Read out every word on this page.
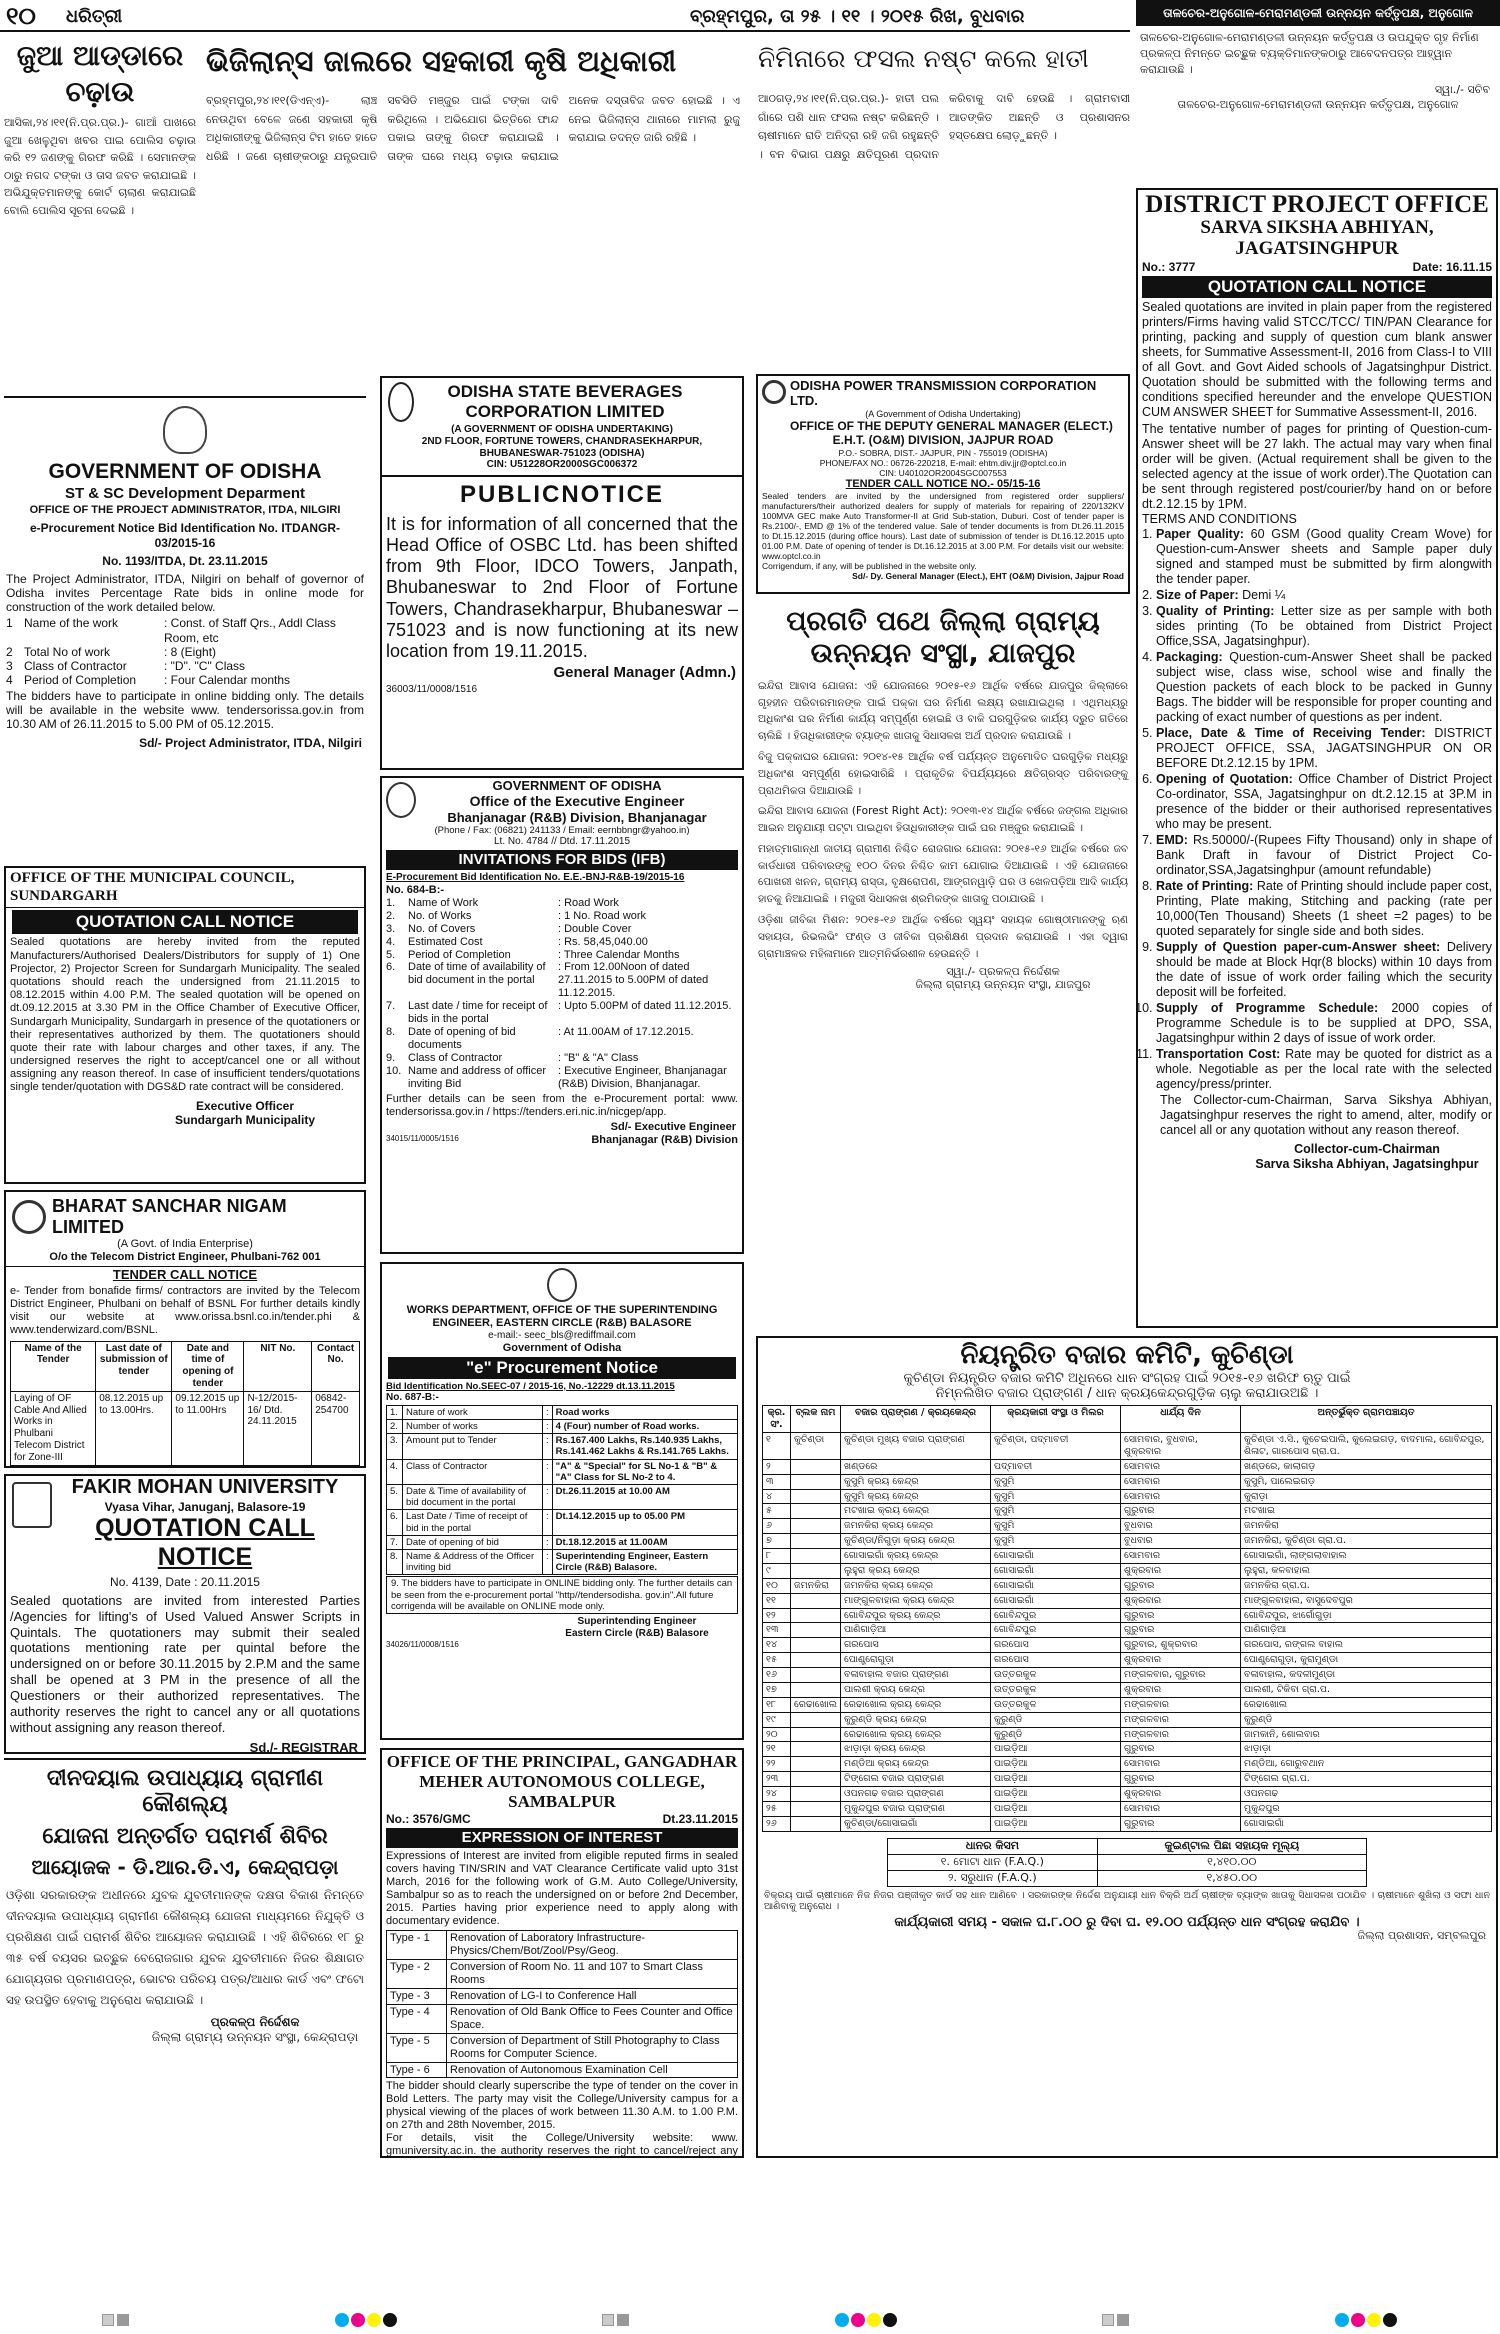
୧୦ ଧରିତ୍ରୀ	ବ୍ରହ୍ମପୁର, ତା ୨୫ । ୧୧ । ୨୦୧୫ ରିଖ, ବୁଧବାର	ତାଳଚେର-ଅନୁଗୋଳ-ମେରାମଣ୍ଡଳୀ ଉନ୍ନୟନ କର୍ତ୍ତୃପକ୍ଷ, ଅନୁଗୋଳ
ତାଳଚେର-ଅନୁଗୋଳ-ମେରାମଣ୍ଡଳୀ ଉନ୍ନୟନ କର୍ତ୍ତୃପକ୍ଷ ଓ ଉପଯୁକ୍ତ ଗୃହ ନିର୍ମାଣ ପ୍ରକଳ୍ପ ନିମନ୍ତେ ଇଚ୍ଛୁକ ବ୍ୟକ୍ତିମାନଙ୍କଠାରୁ ଆବେଦନପତ୍ର ଆହ୍ୱାନ କରାଯାଉଛି ।
ସ୍ୱା./- ସଚିବ
ତାଳଚେର-ଅନୁଗୋଳ-ମେରାମଣ୍ଡଳୀ ଉନ୍ନୟନ କର୍ତ୍ତୃପକ୍ଷ, ଅନୁଗୋଳ
ଜୁଆ ଆଡ୍ଡାରେ ଚଢ଼ାଉ
ଆସିକା,୨୪।୧୧(ନି.ପ୍ର.ପ୍ର.)- ଗାଆଁ ପାଖରେ ଜୁଆ ଖେଳୁଥିବା ଖବର ପାଇ ପୋଲିସ ଚଢ଼ାଉ କରି ୧୨ ଜଣଙ୍କୁ ଗିରଫ କରିଛି । ସେମାନଙ୍କ ଠାରୁ ନଗଦ ଟଙ୍କା ଓ ତାସ ଜବତ କରାଯାଇଛି । ଅଭିଯୁକ୍ତମାନଙ୍କୁ କୋର୍ଟ ଚାଲାଣ କରାଯାଇଛି ବୋଲି ପୋଲିସ ସୂଚନା ଦେଇଛି ।
ଭିଜିଲାନ୍ସ ଜାଲରେ ସହକାରୀ କୃଷି ଅଧିକାରୀ
ବ୍ରହ୍ମପୁର,୨୪।୧୧(ଡିଏନ୍‌ଏ)- ଲାଞ୍ଚ ନେଉଥିବା ବେଳେ ଜଣେ ସହକାରୀ କୃଷି ଅଧିକାରୀଙ୍କୁ ଭିଜିଲାନ୍ସ ଟିମ ହାତେ ହାତେ ଧରିଛି । ଜଣେ ଚାଷୀଙ୍କଠାରୁ ଯନ୍ତ୍ରପାତି ସବସିଡି ମଞ୍ଜୁର ପାଇଁ ଟଙ୍କା ଦାବି କରିଥିଲେ । ଅଭିଯୋଗ ଭିତ୍ତିରେ ଫାନ୍ଦ ପକାଇ ତାଙ୍କୁ ଗିରଫ କରାଯାଇଛି । ତାଙ୍କ ଘରେ ମଧ୍ୟ ଚଢ଼ାଉ କରାଯାଇ ଅନେକ ଦସ୍ତାବିଜ ଜବତ ହୋଇଛି । ଏ ନେଇ ଭିଜିଲାନ୍ସ ଥାନାରେ ମାମଲା ରୁଜୁ କରାଯାଇ ତଦନ୍ତ ଜାରି ରହିଛି ।
ନିମିନାରେ ଫସଲ ନଷ୍ଟ କଲେ ହାତୀ
ଆଠଗଡ଼,୨୪।୧୧(ନି.ପ୍ର.ପ୍ର.)- ହାତୀ ପଲ ଗାଁରେ ପଶି ଧାନ ଫସଲ ନଷ୍ଟ କରିଛନ୍ତି । ଚାଷୀମାନେ ରାତି ଅନିଦ୍ରା ରହି ଜଗି ରହୁଛନ୍ତି । ବନ ବିଭାଗ ପକ୍ଷରୁ କ୍ଷତିପୂରଣ ପ୍ରଦାନ କରିବାକୁ ଦାବି ହେଉଛି । ଗ୍ରାମବାସୀ ଆତଙ୍କିତ ଅଛନ୍ତି ଓ ପ୍ରଶାସନର ହସ୍ତକ୍ଷେପ ଲୋଡ଼ୁଛନ୍ତି ।
GOVERNMENT OF ODISHA
ST & SC Development Deparment
OFFICE OF THE PROJECT ADMINISTRATOR, ITDA, NILGIRI
e-Procurement Notice Bid Identification No. ITDANGR-03/2015-16
No. 1193/ITDA, Dt. 23.11.2015
The Project Administrator, ITDA, Nilgiri on behalf of governor of Odisha invites Percentage Rate bids in online mode for construction of the work detailed below.
1 Name of the work	: Const. of Staff Qrs., Addl Class Room, etc
2 Total No of work	: 8 (Eight)
3 Class of Contractor	: "D". "C" Class
4 Period of Completion	: Four Calendar months
The bidders have to participate in online bidding only. The details will be available in the website www. tendersorissa.gov.in from 10.30 AM of 26.11.2015 to 5.00 PM of 05.12.2015.
Sd/- Project Administrator, ITDA, Nilgiri
OFFICE OF THE MUNICIPAL COUNCIL, SUNDARGARH
QUOTATION CALL NOTICE
Sealed quotations are hereby invited from the reputed Manufacturers/Authorised Dealers/Distributors for supply of 1) One Projector, 2) Projector Screen for Sundargarh Municipality. The sealed quotations should reach the undersigned from 21.11.2015 to 08.12.2015 within 4.00 P.M. The sealed quotation will be opened on dt.09.12.2015 at 3.30 PM in the Office Chamber of Executive Officer, Sundargarh Municipality, Sundargarh in presence of the quotationers or their representatives authorized by them. The quotationers should quote their rate with labour charges and other taxes, if any. The undersigned reserves the right to accept/cancel one or all without assigning any reason thereof. In case of insufficient tenders/quotations single tender/quotation with DGS&D rate contract will be considered.
Executive Officer
Sundargarh Municipality
BHARAT SANCHAR NIGAM LIMITED
(A Govt. of India Enterprise)
O/o the Telecom District Engineer, Phulbani-762 001
TENDER CALL NOTICE
e- Tender from bonafide firms/ contractors are invited by the Telecom District Engineer, Phulbani on behalf of BSNL For further details kindly visit our website at www.orissa.bsnl.co.in/tender.phi & www.tenderwizard.com/BSNL.
Name of the Tender	Last date of submission of tender	Date and time of opening of tender	NIT No.	Contact No.
Laying of OF Cable And Allied Works in Phulbani Telecom District for Zone-III	08.12.2015 up to 13.00Hrs.	09.12.2015 up to 11.00Hrs	N-12/2015-16/ Dtd. 24.11.2015	06842-254700
FAKIR MOHAN UNIVERSITY
Vyasa Vihar, Januganj, Balasore-19
QUOTATION CALL NOTICE
No. 4139, Date : 20.11.2015
Sealed quotations are invited from interested Parties /Agencies for lifting's of Used Valued Answer Scripts in Quintals. The quotationers may submit their sealed quotations mentioning rate per quintal before the undersigned on or before 30.11.2015 by 2.P.M and the same shall be opened at 3 PM in the presence of all the Questioners or their authorized representatives. The authority reserves the right to cancel any or all quotations without assigning any reason thereof.
Sd./- REGISTRAR
ଦୀନଦୟାଲ ଉପାଧ୍ୟାୟ ଗ୍ରାମୀଣ କୌଶଲ୍ୟ
ଯୋଜନା ଅନ୍ତର୍ଗତ ପରାମର୍ଶ ଶିବିର
ଆୟୋଜକ - ଡି.ଆର.ଡି.ଏ, କେନ୍ଦ୍ରାପଡ଼ା
ଓଡ଼ିଶା ସରକାରଙ୍କ ଅଧୀନରେ ଯୁବକ ଯୁବତୀମାନଙ୍କ ଦକ୍ଷତା ବିକାଶ ନିମନ୍ତେ ଦୀନଦୟାଲ ଉପାଧ୍ୟାୟ ଗ୍ରାମୀଣ କୌଶଲ୍ୟ ଯୋଜନା ମାଧ୍ୟମରେ ନିଯୁକ୍ତି ଓ ପ୍ରଶିକ୍ଷଣ ପାଇଁ ପରାମର୍ଶ ଶିବିର ଆୟୋଜନ କରାଯାଉଛି । ଏହି ଶିବିରରେ ୧୮ ରୁ ୩୫ ବର୍ଷ ବୟସର ଇଚ୍ଛୁକ ବେରୋଜଗାର ଯୁବକ ଯୁବତୀମାନେ ନିଜର ଶିକ୍ଷାଗତ ଯୋଗ୍ୟତାର ପ୍ରମାଣପତ୍ର, ଭୋଟର ପରିଚୟ ପତ୍ର/ଆଧାର କାର୍ଡ ଏବଂ ଫଟୋ ସହ ଉପସ୍ଥିତ ହେବାକୁ ଅନୁରୋଧ କରାଯାଉଛି ।
ପ୍ରକଳ୍ପ ନିର୍ଦ୍ଦେଶକ
ଜିଲ୍ଲା ଗ୍ରାମ୍ୟ ଉନ୍ନୟନ ସଂସ୍ଥା, କେନ୍ଦ୍ରାପଡ଼ା
ODISHA STATE BEVERAGES CORPORATION LIMITED
(A GOVERNMENT OF ODISHA UNDERTAKING)
2ND FLOOR, FORTUNE TOWERS, CHANDRASEKHARPUR,
BHUBANESWAR-751023 (ODISHA)
CIN: U51228OR2000SGC006372
PUBLICNOTICE
It is for information of all concerned that the Head Office of OSBC Ltd. has been shifted from 9th Floor, IDCO Towers, Janpath, Bhubaneswar to 2nd Floor of Fortune Towers, Chandrasekharpur, Bhubaneswar – 751023 and is now functioning at its new location from 19.11.2015.
General Manager (Admn.)
36003/11/0008/1516
GOVERNMENT OF ODISHA
Office of the Executive Engineer
Bhanjanagar (R&B) Division, Bhanjanagar
(Phone / Fax: (06821) 241133 / Email: eernbbngr@yahoo.in)
Lt. No. 4784 // Dtd. 17.11.2015
INVITATIONS FOR BIDS (IFB)
E-Procurement Bid Identification No. E.E.-BNJ-R&B-19/2015-16
No. 684-B:-
1.	Name of Work	: Road Work
2.	No. of Works	: 1 No. Road work
3.	No. of Covers	: Double Cover
4.	Estimated Cost	: Rs. 58,45,040.00
5.	Period of Completion	: Three Calendar Months
6.	Date of time of availability of bid document in the portal
: From 12.00Noon of dated 27.11.2015 to 5.00PM of dated 11.12.2015.
7.	Last date / time for receipt of bids in the portal
: Upto 5.00PM of dated 11.12.2015.
8.	Date of opening of bid documents
: At 11.00AM of 17.12.2015.
9.	Class of Contractor	: "B" & "A" Class
10. Name and address of officer inviting Bid
: Executive Engineer, Bhanjanagar (R&B) Division, Bhanjanagar.
Further details can be seen from the e-Procurement portal: www. tendersorissa.gov.in / https://tenders.eri.nic.in/nicgep/app.
Sd/- Executive Engineer
34015/11/0005/1516	Bhanjanagar (R&B) Division
WORKS DEPARTMENT, OFFICE OF THE SUPERINTENDING ENGINEER, EASTERN CIRCLE (R&B) BALASORE
e-mail:- seec_bls@rediffmail.com
Government of Odisha
"e" Procurement Notice
Bid Identification No.SEEC-07 / 2015-16, No.-12229 dt.13.11.2015
No. 687-B:-
1.	Nature of work	:	Road works
2.	Number of works	:	4 (Four) number of Road works.
3.	Amount put to Tender	:	Rs.167.400 Lakhs, Rs.140.935 Lakhs, Rs.141.462 Lakhs & Rs.141.765 Lakhs.
4.	Class of Contractor	:	"A" & "Special" for SL No-1 & "B" & "A" Class for SL No-2 to 4.
5.	Date & Time of availability of bid document in the portal	:	Dt.26.11.2015 at 10.00 AM
6.	Last Date / Time of receipt of bid in the portal	:	Dt.14.12.2015 up to 05.00 PM
7.	Date of opening of bid	:	Dt.18.12.2015 at 11.00AM
8.	Name & Address of the Officer inviting bid	:	Superintending Engineer, Eastern Circle (R&B) Balasore.
9. The bidders have to participate in ONLINE bidding only. The further details can be seen from the e-procurement portal "http//tendersodisha. gov.in".All future corrigenda will be available on ONLINE mode only.
Superintending Engineer
Eastern Circle (R&B) Balasore
34026/11/0008/1516
OFFICE OF THE PRINCIPAL, GANGADHAR
MEHER AUTONOMOUS COLLEGE, SAMBALPUR
No.: 3576/GMC	Dt.23.11.2015
EXPRESSION OF INTEREST
Expressions of Interest are invited from eligible reputed firms in sealed covers having TIN/SRIN and VAT Clearance Certificate valid upto 31st March, 2016 for the following work of G.M. Auto College/University, Sambalpur so as to reach the undersigned on or before 2nd December, 2015. Parties having prior experience need to apply along with documentary evidence.
Type - 1	Renovation of Laboratory Infrastructure-Physics/Chem/Bot/Zool/Psy/Geog.
Type - 2	Conversion of Room No. 11 and 107 to Smart Class Rooms
Type - 3	Renovation of LG-I to Conference Hall
Type - 4	Renovation of Old Bank Office to Fees Counter and Office Space.
Type - 5	Conversion of Department of Still Photography to Class Rooms for Computer Science.
Type - 6	Renovation of Autonomous Examination Cell
The bidder should clearly superscribe the type of tender on the cover in Bold Letters. The party may visit the College/University campus for a physical viewing of the places of work between 11.30 A.M. to 1.00 P.M. on 27th and 28th November, 2015.
For details, visit the College/University website: www. gmuniversity.ac.in. the authority reserves the right to cancel/reject any
ODISHA POWER TRANSMISSION CORPORATION LTD.
(A Government of Odisha Undertaking)
OFFICE OF THE DEPUTY GENERAL MANAGER (ELECT.)
E.H.T. (O&M) DIVISION, JAJPUR ROAD
P.O.- SOBRA, DIST.- JAJPUR, PIN - 755019 (ODISHA)
PHONE/FAX NO.: 06726-220218, E-mail: ehtm.div.jjr@optcl.co.in
CIN: U40102OR2004SGC007553
TENDER CALL NOTICE NO.- 05/15-16
Sealed tenders are invited by the undersigned from registered order suppliers/ manufacturers/their authorized dealers for supply of materials for repairing of 220/132KV 100MVA GEC make Auto Transformer-II at Grid Sub-station, Duburi. Cost of tender paper is Rs.2100/-, EMD @ 1% of the tendered value. Sale of tender documents is from Dt.26.11.2015 to Dt.15.12.2015 (during office hours). Last date of submission of tender is Dt.16.12.2015 upto 01.00 P.M. Date of opening of tender is Dt.16.12.2015 at 3.00 P.M. For details visit our website: www.optcl.co.in
Corrigendum, if any, will be published in the website only.
Sd/- Dy. General Manager (Elect.), EHT (O&M) Division, Jajpur Road
ପ୍ରଗତି ପଥେ ଜିଲ୍ଲା ଗ୍ରାମ୍ୟ
ଉନ୍ନୟନ ସଂସ୍ଥା, ଯାଜପୁର

ଇନ୍ଦିରା ଆବାସ ଯୋଜନା: ଏହି ଯୋଜନାରେ ୨୦୧୫-୧୬ ଆର୍ଥିକ ବର୍ଷରେ ଯାଜପୁର ଜିଲ୍ଲାରେ ଗୃହହୀନ ପରିବାରମାନଙ୍କ ପାଇଁ ପକ୍କା ଘର ନିର୍ମାଣ ଲକ୍ଷ୍ୟ ରଖାଯାଇଥିଲା । ଏଥିମଧ୍ୟରୁ ଅଧିକାଂଶ ଘର ନିର୍ମାଣ କାର୍ଯ୍ୟ ସମ୍ପୂର୍ଣ୍ଣ ହୋଇଛି ଓ ବାକି ଘରଗୁଡ଼ିକର କାର୍ଯ୍ୟ ଦ୍ରୁତ ଗତିରେ ଚାଲିଛି । ହିତାଧିକାରୀଙ୍କ ବ୍ୟାଙ୍କ ଖାତାକୁ ସିଧାସଳଖ ଅର୍ଥ ପ୍ରଦାନ କରାଯାଉଛି ।

ବିଜୁ ପକ୍କାଘର ଯୋଜନା: ୨୦୧୪-୧୫ ଆର୍ଥିକ ବର୍ଷ ପର୍ଯ୍ୟନ୍ତ ଅନୁମୋଦିତ ଘରଗୁଡ଼ିକ ମଧ୍ୟରୁ ଅଧିକାଂଶ ସମ୍ପୂର୍ଣ୍ଣ ହୋଇସାରିଛି । ପ୍ରାକୃତିକ ବିପର୍ଯ୍ୟୟରେ କ୍ଷତିଗ୍ରସ୍ତ ପରିବାରଙ୍କୁ ପ୍ରାଥମିକତା ଦିଆଯାଉଛି ।

ଇନ୍ଦିରା ଆବାସ ଯୋଜନା (Forest Right Act): ୨୦୧୩-୧୪ ଆର୍ଥିକ ବର୍ଷରେ ଜଙ୍ଗଲ ଅଧିକାର ଆଇନ ଅନୁଯାୟୀ ପଟ୍ଟା ପାଇଥିବା ହିତାଧିକାରୀଙ୍କ ପାଇଁ ଘର ମଞ୍ଜୁର କରାଯାଇଛି ।

ମହାତ୍ମାଗାନ୍ଧୀ ଜାତୀୟ ଗ୍ରାମୀଣ ନିଶ୍ଚିତ ରୋଜଗାର ଯୋଜନା: ୨୦୧୫-୧୬ ଆର୍ଥିକ ବର୍ଷରେ ଜବ କାର୍ଡଧାରୀ ପରିବାରଙ୍କୁ ୧୦୦ ଦିନର ନିଶ୍ଚିତ କାମ ଯୋଗାଇ ଦିଆଯାଉଛି । ଏହି ଯୋଜନାରେ ପୋଖରୀ ଖନନ, ଗ୍ରାମ୍ୟ ରାସ୍ତା, ବୃକ୍ଷରୋପଣ, ଆଙ୍ଗନୱାଡ଼ି ଘର ଓ ଖେଳପଡ଼ିଆ ଆଦି କାର୍ଯ୍ୟ ହାତକୁ ନିଆଯାଇଛି । ମଜୁରୀ ସିଧାସଳଖ ଶ୍ରମିକଙ୍କ ଖାତାକୁ ପଠାଯାଉଛି ।

ଓଡ଼ିଶା ଜୀବିକା ମିଶନ: ୨୦୧୫-୧୬ ଆର୍ଥିକ ବର୍ଷରେ ସ୍ୱୟଂ ସହାୟକ ଗୋଷ୍ଠୀମାନଙ୍କୁ ଋଣ ସହାୟତା, ରିଭଲଭିଂ ଫଣ୍ଡ ଓ ଜୀବିକା ପ୍ରଶିକ୍ଷଣ ପ୍ରଦାନ କରାଯାଉଛି । ଏହା ଦ୍ୱାରା ଗ୍ରାମାଞ୍ଚଳର ମହିଳାମାନେ ଆତ୍ମନିର୍ଭରଶୀଳ ହେଉଛନ୍ତି ।

ସ୍ୱା./- ପ୍ରକଳ୍ପ ନିର୍ଦ୍ଦେଶକ
ଜିଲ୍ଲା ଗ୍ରାମ୍ୟ ଉନ୍ନୟନ ସଂସ୍ଥା, ଯାଜପୁର
DISTRICT PROJECT OFFICE
SARVA SIKSHA ABHIYAN, JAGATSINGHPUR
No.: 3777	Date: 16.11.15
QUOTATION CALL NOTICE
Sealed quotations are invited in plain paper from the registered printers/Firms having valid STCC/TCC/ TIN/PAN Clearance for printing, packing and supply of question cum blank answer sheets, for Summative Assessment-II, 2016 from Class-I to VIII of all Govt. and Govt Aided schools of Jagatsinghpur District. Quotation should be submitted with the following terms and conditions specified hereunder and the envelope QUESTION CUM ANSWER SHEET for Summative Assessment-II, 2016.
The tentative number of pages for printing of Question-cum-Answer sheet will be 27 lakh. The actual may vary when final order will be given. (Actual requirement shall be given to the selected agency at the issue of work order).The Quotation can be sent through registered post/courier/by hand on or before dt.2.12.15 by 1PM.
TERMS AND CONDITIONS
1. Paper Quality: 60 GSM (Good quality Cream Wove) for Question-cum-Answer sheets and Sample paper duly signed and stamped must be submitted by firm alongwith the tender paper.
2. Size of Paper: Demi ¼
3. Quality of Printing: Letter size as per sample with both sides printing (To be obtained from District Project Office,SSA, Jagatsinghpur).
4. Packaging: Question-cum-Answer Sheet shall be packed subject wise, class wise, school wise and finally the Question packets of each block to be packed in Gunny Bags. The bidder will be responsible for proper counting and packing of exact number of questions as per indent.
5. Place, Date & Time of Receiving Tender: DISTRICT PROJECT OFFICE, SSA, JAGATSINGHPUR ON OR BEFORE Dt.2.12.15 by 1PM.
6. Opening of Quotation: Office Chamber of District Project Co-ordinator, SSA, Jagatsinghpur on dt.2.12.15 at 3P.M in presence of the bidder or their authorised representatives who may be present.
7. EMD: Rs.50000/-(Rupees Fifty Thousand) only in shape of Bank Draft in favour of District Project Co-ordinator,SSA,Jagatsinghpur (amount refundable)
8. Rate of Printing: Rate of Printing should include paper cost, Printing, Plate making, Stitching and packing (rate per 10,000(Ten Thousand) Sheets (1 sheet =2 pages) to be quoted separately for single side and both sides.
9. Supply of Question paper-cum-Answer sheet: Delivery should be made at Block Hqr(8 blocks) within 10 days from the date of issue of work order failing which the security deposit will be forfeited.
10. Supply of Programme Schedule: 2000 copies of Programme Schedule is to be supplied at DPO, SSA, Jagatsinghpur within 2 days of issue of work order.
11. Transportation Cost: Rate may be quoted for district as a whole. Negotiable as per the local rate with the selected agency/press/printer.
The Collector-cum-Chairman, Sarva Sikshya Abhiyan, Jagatsinghpur reserves the right to amend, alter, modify or cancel all or any quotation without any reason thereof.
Collector-cum-Chairman
Sarva Siksha Abhiyan, Jagatsinghpur
ନିୟନ୍ତ୍ରିତ ବଜାର କମିଟି, କୁଚିଣ୍ଡା
କୁଚିଣ୍ଡା ନିୟନ୍ତ୍ରିତ ବଜାର କମିଟି ଅଧିନରେ ଧାନ ସଂଗ୍ରହ ପାଇଁ ୨୦୧୫-୧୬ ଖରିଫ ଋତୁ ପାଇଁ
ନିମ୍ନଲିଖିତ ବଜାର ପ୍ରାଙ୍ଗଣ / ଧାନ କ୍ରୟକେନ୍ଦ୍ରଗୁଡ଼ିକ ଚାଲୁ କରାଯାଉଅଛି ।
କ୍ର. ସଂ.	ବ୍ଲକ ନାମ	ବଜାର ପ୍ରାଙ୍ଗଣ / କ୍ରୟକେନ୍ଦ୍ର	କ୍ରୟକାରୀ ସଂସ୍ଥା ଓ ମିଲର	ଧାର୍ଯ୍ୟ ଦିନ	ଅନ୍ତର୍ଭୁକ୍ତ ଗ୍ରାମପଞ୍ଚାୟତ
୧	କୁଚିଣ୍ଡା	କୁଚିଣ୍ଡା ମୁଖ୍ୟ ବଜାର ପ୍ରାଙ୍ଗଣ	କୁଚିଣ୍ଡା, ପଦ୍ମାବତୀ	ସୋମବାର, ବୁଧବାର, ଶୁକ୍ରବାର	କୁଚିଣ୍ଡା ଏ.ସି., କୁଚେଇପାଲି, କୁଲେଇଗଡ଼, ବାଦମାଲ, ଗୋବିନ୍ଦପୁର, ଶିଳାଟ, ଗାରପୋସ ଗ୍ରା.ପ.
୨		ଖଣ୍ଡରେ	ପଦ୍ମାବତୀ	ସୋମବାର	ଖଣ୍ଡରେ, କାଲାଗଡ଼
୩		କୁସୁମି କ୍ରୟ କେନ୍ଦ୍ର	କୁସୁମି	ସୋମବାର	କୁସୁମି, ପାଲେଇଗଡ଼
୪		କୁସୁମି କ୍ରୟ କେନ୍ଦ୍ର	କୁସୁମି	ସୋମବାର	କୁରାଡ଼ା
୫		ମଟଖାଇ କ୍ରୟ କେନ୍ଦ୍ର	କୁସୁମି	ଗୁରୁବାର	ମଟଖାଇ
୬		ଜମନକିରା କ୍ରୟ କେନ୍ଦ୍ର	କୁସୁମି	ବୁଧବାର	ଜମନକିରା
୭		କୁଚିଣ୍ଡା/ନିଗୁଡ଼ା କ୍ରୟ କେନ୍ଦ୍ର	କୁସୁମି	ବୁଧବାର	ଜମନକିରା, କୁଚିଣ୍ଡା ଗ୍ରା.ପ.
୮		ଗୋସାଇଗାଁ କ୍ରୟ କେନ୍ଦ୍ର	ଗୋସାଇଗାଁ	ସୋମବାର	ଗୋସାଇଗାଁ, ଲାଙ୍ଗଲାବାହାଲ
୯		ଲୁହୁରା କ୍ରୟ କେନ୍ଦ୍ର	ଗୋସାଇଗାଁ	ଶୁକ୍ରବାର	ଲୁହୁରା, କଳବାହାଲ
୧୦	ଜମନକିରା	ଜମନକିରା କ୍ରୟ କେନ୍ଦ୍ର	ଗୋସାଇଗାଁ	ଗୁରୁବାର	ଜମନକିରା ଗ୍ରା.ପ.
୧୧		ମାଙ୍ଗୁଳବାହାଲ କ୍ରୟ କେନ୍ଦ୍ର	ଗୋସାଇଗାଁ	ଶୁକ୍ରବାର	ମାଙ୍ଗୁଳବାହାଲ, ବାସୁଦେବପୁର
୧୨		ଗୋବିନ୍ଦପୁର କ୍ରୟ କେନ୍ଦ୍ର	ଗୋବିନ୍ଦପୁର	ଗୁରୁବାର	ଗୋବିନ୍ଦପୁର, ଝାର୍ଗୋଗୁଡ଼ା
୧୩		ପାଣିଗାଡ଼ିଆ	ଗୋବିନ୍ଦପୁର	ଗୁରୁବାର	ପାଣିଗାଡ଼ିଆ
୧୪		ଗରପୋସ	ଗରପୋସ	ଗୁରୁବାର, ଶୁକ୍ରବାର	ଗରପୋସ, ରଙ୍ଗଲ ବାହାଲ
୧୫		ପୋଣ୍ଡ୍ରୋଗୁଡ଼ା	ଗରପୋସ	ଶୁକ୍ରବାର	ପୋଣ୍ଡ୍ରୋଗୁଡ଼ା, କୁରାମୁଣ୍ଡା
୧୬		ବଳାବାହାଲ ବଜାର ପ୍ରାଙ୍ଗଣ	ଉତ୍ତରକୁଳ	ମଙ୍ଗଳବାର, ଗୁରୁବାର	ବଳାବାହାଲ, କଦଳୀମୁଣ୍ଡା
୧୭		ପାଲଶୀ କ୍ରୟ କେନ୍ଦ୍ର	ଉତ୍ତରକୁଳ	ଶୁକ୍ରବାର	ପାଲଶୀ, ଟିକିବା ଗ୍ରା.ପ.
୧୮	ରେଢାଖୋଲ	ରେଢାଖୋଲ କ୍ରୟ କେନ୍ଦ୍ର	ଉତ୍ତରକୁଳ	ମଙ୍ଗଳବାର	ରେଢାଖୋଲ
୧୯		କୁରୁଣ୍ଡି କ୍ରୟ କେନ୍ଦ୍ର	କୁରୁଣ୍ଡି	ମଙ୍ଗଳବାର	କୁରୁଣ୍ଡି
୨୦		ରେଢାଖୋଲ କ୍ରୟ କେନ୍ଦ୍ର	କୁରୁଣ୍ଡି	ମଙ୍ଗଳବାର	ଜାମକାନି, ଶୋଲବାର
୨୧		ଝାଡ଼ାଡ଼ା କ୍ରୟ କେନ୍ଦ୍ର	ପାଇଡ଼ିଆ	ଗୁରୁବାର	ଝାଡ଼ାଡ଼ା
୨୨		ମଣ୍ଡିଆ କ୍ରୟ କେନ୍ଦ୍ର	ପାଇଡ଼ିଆ	ସୋମବାର	ମଣ୍ଡିଆ, ଗୋରୁବଥାନ
୨୩		ଟିଙ୍ଗେଲ ବଜାର ପ୍ରାଙ୍ଗଣ	ପାଇଡ଼ିଆ	ଗୁରୁବାର	ଟିଙ୍ଗେଲ ଗ୍ରା.ପ.
୨୪		ଓପନଗଢ ବଜାର ପ୍ରାଙ୍ଗଣ	ପାଇଡ଼ିଆ	ଶୁକ୍ରବାର	ଓପନଗଢ
୨୫		ମୁକୁନ୍ଦପୁର ବଜାର ପ୍ରାଙ୍ଗଣ	ପାଇଡ଼ିଆ	ସୋମବାର	ମୁକୁନ୍ଦପୁର
୨୬		କୁଚିଣ୍ଡା/ଗୋସାଇଗାଁ	ପାଇଡ଼ିଆ	ଗୁରୁବାର	ଗୋସାଇଗାଁ
ଧାନର କିସମ	କୁଇଣ୍ଟାଲ ପିଛା ସହାୟକ ମୂଲ୍ୟ
୧. ମୋଟା ଧାନ (F.A.Q.)	୧,୪୧୦.୦୦
୨. ସରୁଧାନ (F.A.Q.)	୧,୪୫୦.୦୦
ବିକ୍ରୟ ପାଇଁ ଚାଷୀମାନେ ନିଜ ନିଜର ପଞ୍ଜୀକୃତ କାର୍ଡ ସହ ଧାନ ଆଣିବେ । ସରକାରଙ୍କ ନିର୍ଦ୍ଦେଶ ଅନୁଯାୟୀ ଧାନ ବିକ୍ରି ଅର୍ଥ ଚାଷୀଙ୍କ ବ୍ୟାଙ୍କ ଖାତାକୁ ସିଧାସଳଖ ପଠାଯିବ । ଚାଷୀମାନେ ଶୁଖିଲା ଓ ସଫା ଧାନ ଆଣିବାକୁ ଅନୁରୋଧ ।
କାର୍ଯ୍ୟକାରୀ ସମୟ - ସକାଳ ଘ.୮.୦୦ ରୁ ଦିବା ଘ. ୧୨.୦୦ ପର୍ଯ୍ୟନ୍ତ ଧାନ ସଂଗ୍ରହ କରାଯିବ ।
ଜିଲ୍ଲା ପ୍ରଶାସନ, ସମ୍ବଲପୁର
